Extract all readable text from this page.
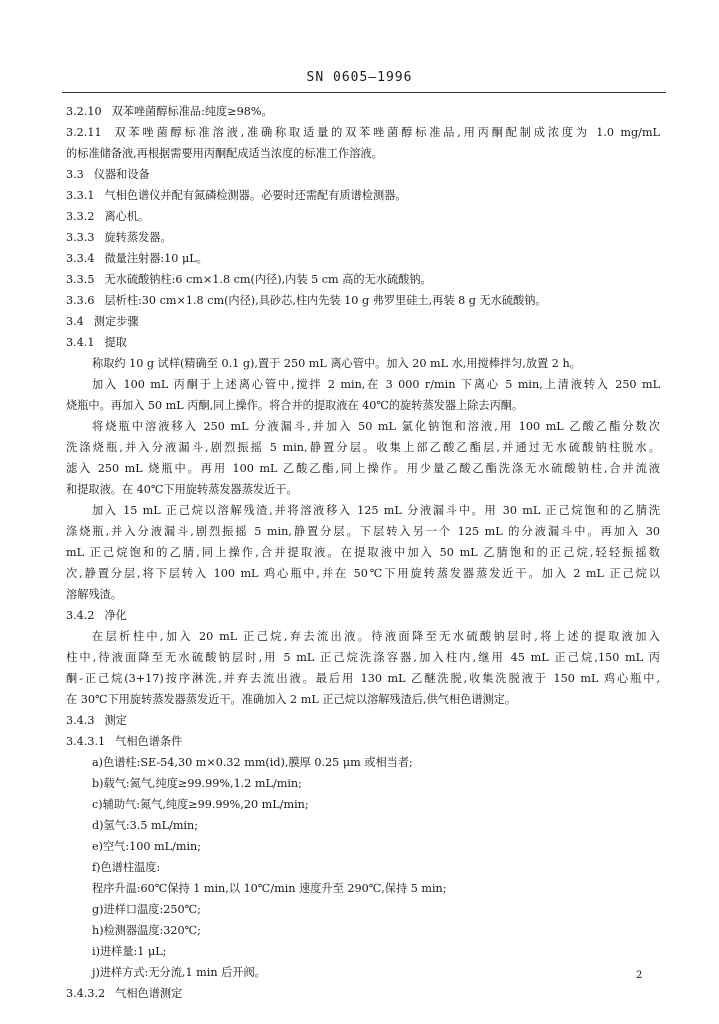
SN 0605—1996
3.2.10 双苯唑菌醇标准品:纯度≥98%。
3.2.11 双苯唑菌醇标准溶液,准确称取适量的双苯唑菌醇标准品,用丙酮配制成浓度为 1.0 mg/mL
的标准储备液,再根据需要用丙酮配成适当浓度的标准工作溶液。
3.3 仪器和设备
3.3.1 气相色谱仪并配有氮磷检测器。必要时还需配有质谱检测器。
3.3.2 离心机。
3.3.3 旋转蒸发器。
3.3.4 微量注射器:10 μL。
3.3.5 无水硫酸钠柱:6 cm×1.8 cm(内径),内装 5 cm 高的无水硫酸钠。
3.3.6 层析柱:30 cm×1.8 cm(内径),具砂芯,柱内先装 10 g 弗罗里硅土,再装 8 g 无水硫酸钠。
3.4 测定步骤
3.4.1 提取
称取约 10 g 试样(精确至 0.1 g),置于 250 mL 离心管中。加入 20 mL 水,用搅棒拌匀,放置 2 h。
加入 100 mL 丙酮于上述离心管中,搅拌 2 min,在 3 000 r/min 下离心 5 min,上清液转入 250 mL
烧瓶中。再加入 50 mL 丙酮,同上操作。将合并的提取液在 40℃的旋转蒸发器上除去丙酮。
将烧瓶中溶液移入 250 mL 分液漏斗,并加入 50 mL 氯化钠饱和溶液,用 100 mL 乙酸乙酯分数次
洗涤烧瓶,并入分液漏斗,剧烈振摇 5 min,静置分层。收集上部乙酸乙酯层,并通过无水硫酸钠柱脱水。
滤入 250 mL 烧瓶中。再用 100 mL 乙酸乙酯,同上操作。用少量乙酸乙酯洗涤无水硫酸钠柱,合并流液
和提取液。在 40℃下用旋转蒸发器蒸发近干。
加入 15 mL 正己烷以溶解残渣,并将溶液移入 125 mL 分液漏斗中。用 30 mL 正己烷饱和的乙腈洗
涤烧瓶,并入分液漏斗,剧烈振摇 5 min,静置分层。下层转入另一个 125 mL 的分液漏斗中。再加入 30
mL 正己烷饱和的乙腈,同上操作,合并提取液。在提取液中加入 50 mL 乙腈饱和的正己烷,轻轻振摇数
次,静置分层,将下层转入 100 mL 鸡心瓶中,并在 50℃下用旋转蒸发器蒸发近干。加入 2 mL 正己烷以
溶解残渣。
3.4.2 净化
在层析柱中,加入 20 mL 正己烷,弃去流出液。待液面降至无水硫酸钠层时,将上述的提取液加入
柱中,待液面降至无水硫酸钠层时,用 5 mL 正己烷洗涤容器,加入柱内,继用 45 mL 正己烷,150 mL 丙
酮-正己烷(3+17)按序淋洗,并弃去流出液。最后用 130 mL 乙醚洗脱,收集洗脱液于 150 mL 鸡心瓶中,
在 30℃下用旋转蒸发器蒸发近干。准确加入 2 mL 正己烷以溶解残渣后,供气相色谱测定。
3.4.3 测定
3.4.3.1 气相色谱条件
a)色谱柱:SE-54,30 m×0.32 mm(id),膜厚 0.25 μm 或相当者;
b)载气:氮气,纯度≥99.99%,1.2 mL/min;
c)辅助气:氮气,纯度≥99.99%,20 mL/min;
d)氢气:3.5 mL/min;
e)空气:100 mL/min;
f)色谱柱温度:
程序升温:60℃保持 1 min,以 10℃/min 速度升至 290℃,保持 5 min;
g)进样口温度:250℃;
h)检测器温度:320℃;
i)进样量:1 μL;
j)进样方式:无分流,1 min 后开阀。
3.4.3.2 气相色谱测定
2
